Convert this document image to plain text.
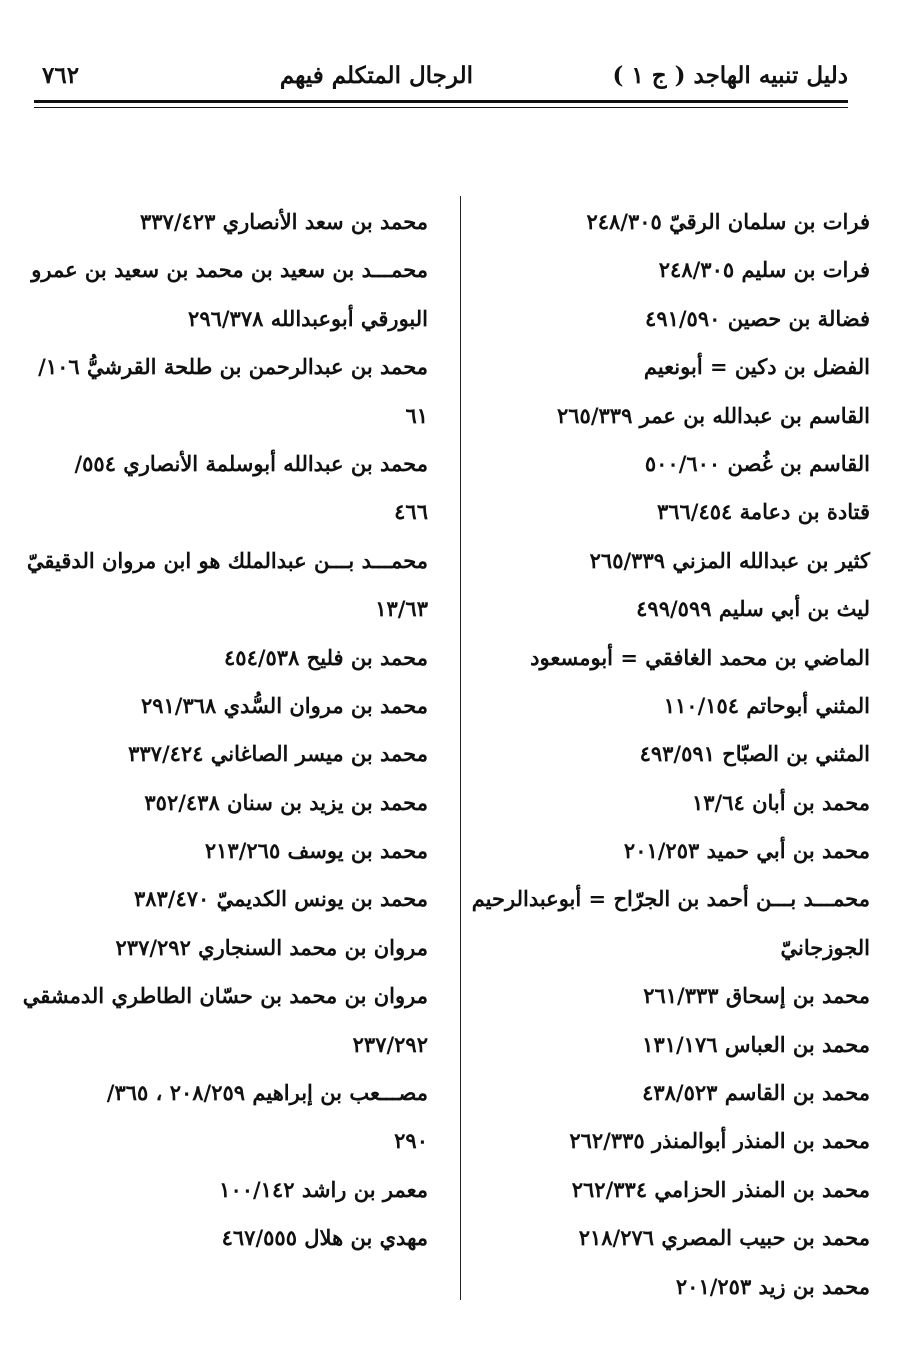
دليل تنبيه الهاجد ( ج ١ )
الرجال المتكلم فيهم
٧٦٢
فرات بن سلمان الرقيّ ٢٤٨/٣٠٥
فرات بن سليم ٢٤٨/٣٠٥
فضالة بن حصين ٤٩١/٥٩٠
الفضل بن دكين = أبونعيم
القاسم بن عبدالله بن عمر ٢٦٥/٣٣٩
القاسم بن غُصن ٥٠٠/٦٠٠
قتادة بن دعامة ٣٦٦/٤٥٤
كثير بن عبدالله المزني ٢٦٥/٣٣٩
ليث بن أبي سليم ٤٩٩/٥٩٩
الماضي بن محمد الغافقي = أبومسعود
المثني أبوحاتم ١١٠/١٥٤
المثني بن الصبّاح ٤٩٣/٥٩١
محمد بن أبان ١٣/٦٤
محمد بن أبي حميد ٢٠١/٢٥٣
محمـــد بـــن أحمد بن الجرّاح = أبوعبدالرحيم
الجوزجانيّ
محمد بن إسحاق ٢٦١/٣٣٣
محمد بن العباس ١٣١/١٧٦
محمد بن القاسم ٤٣٨/٥٢٣
محمد بن المنذر أبوالمنذر ٢٦٢/٣٣٥
محمد بن المنذر الحزامي ٢٦٢/٣٣٤
محمد بن حبيب المصري ٢١٨/٢٧٦
محمد بن زيد ٢٠١/٢٥٣
محمد بن سعد الأنصاري ٣٣٧/٤٢٣
محمـــد بن سعيد بن محمد بن سعيد بن عمرو
البورقي أبوعبدالله ٢٩٦/٣٧٨
محمد بن عبدالرحمن بن طلحة القرشيُّ ١٠٦/
٦١
محمد بن عبدالله أبوسلمة الأنصاري ٥٥٤/
٤٦٦
محمـــد بـــن عبدالملك هو ابن مروان الدقيقيّ
١٣/٦٣
محمد بن فليح ٤٥٤/٥٣٨
محمد بن مروان السُّدي ٢٩١/٣٦٨
محمد بن ميسر الصاغاني ٣٣٧/٤٢٤
محمد بن يزيد بن سنان ٣٥٢/٤٣٨
محمد بن يوسف ٢١٣/٢٦٥
محمد بن يونس الكديميّ ٣٨٣/٤٧٠
مروان بن محمد السنجاري ٢٣٧/٢٩٢
مروان بن محمد بن حسّان الطاطري الدمشقي
٢٣٧/٢٩٢
مصـــعب بن إبراهيم ٢٠٨/٢٥٩ ، ٣٦٥/
٢٩٠
معمر بن راشد ١٠٠/١٤٢
مهدي بن هلال ٤٦٧/٥٥٥
